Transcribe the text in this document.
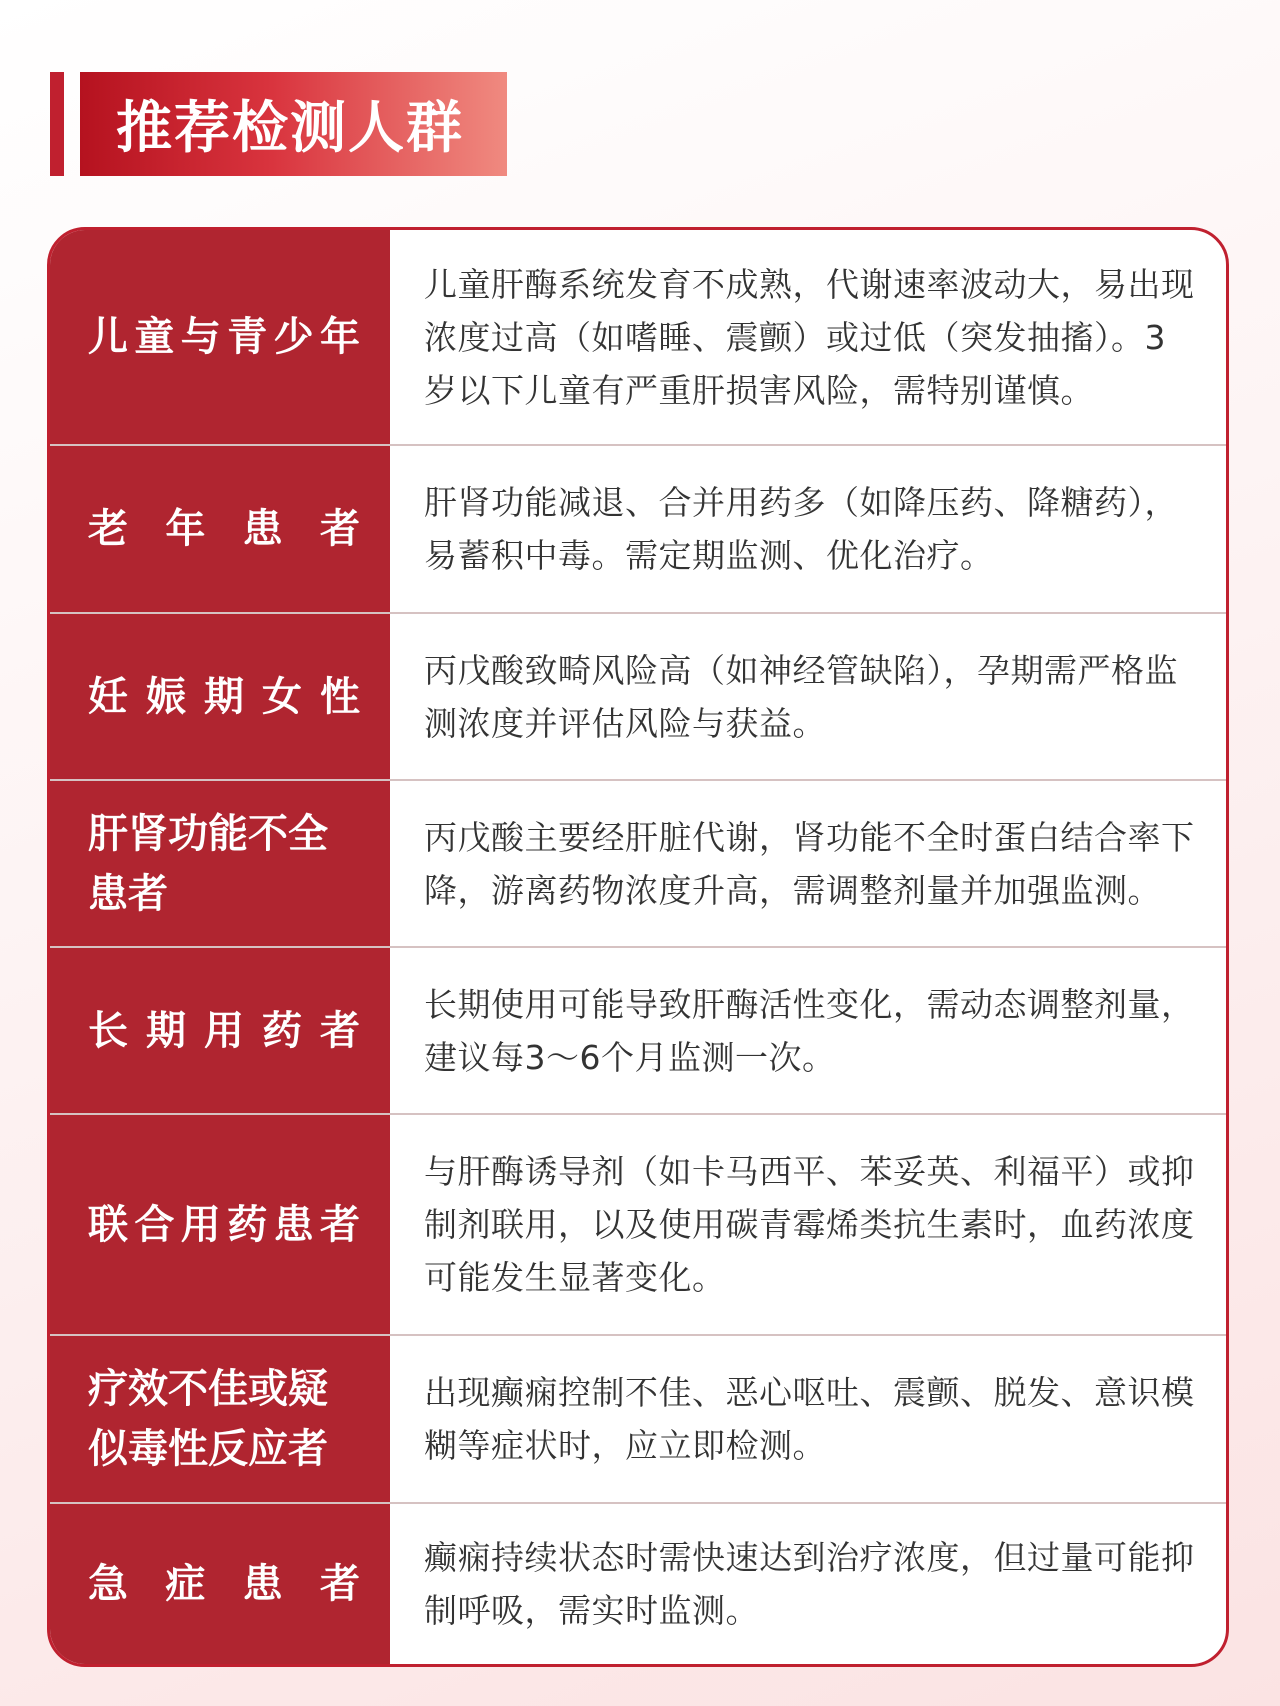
推荐检测人群
儿童与青少年
儿童肝酶系统发育不成熟，代谢速率波动大，易出现浓度过高（如嗜睡、震颤）或过低（突发抽搐）。3岁以下儿童有严重肝损害风险，需特别谨慎。
老年患者
肝肾功能减退、合并用药多（如降压药、降糖药），易蓄积中毒。需定期监测、优化治疗。
妊娠期女性
丙戊酸致畸风险高（如神经管缺陷），孕期需严格监测浓度并评估风险与获益。
肝肾功能不全患者
丙戊酸主要经肝脏代谢，肾功能不全时蛋白结合率下降，游离药物浓度升高，需调整剂量并加强监测。
长期用药者
长期使用可能导致肝酶活性变化，需动态调整剂量，建议每3～6个月监测一次。
联合用药患者
与肝酶诱导剂（如卡马西平、苯妥英、利福平）或抑制剂联用，以及使用碳青霉烯类抗生素时，血药浓度可能发生显著变化。
疗效不佳或疑似毒性反应者
出现癫痫控制不佳、恶心呕吐、震颤、脱发、意识模糊等症状时，应立即检测。
急症患者
癫痫持续状态时需快速达到治疗浓度，但过量可能抑制呼吸，需实时监测。
